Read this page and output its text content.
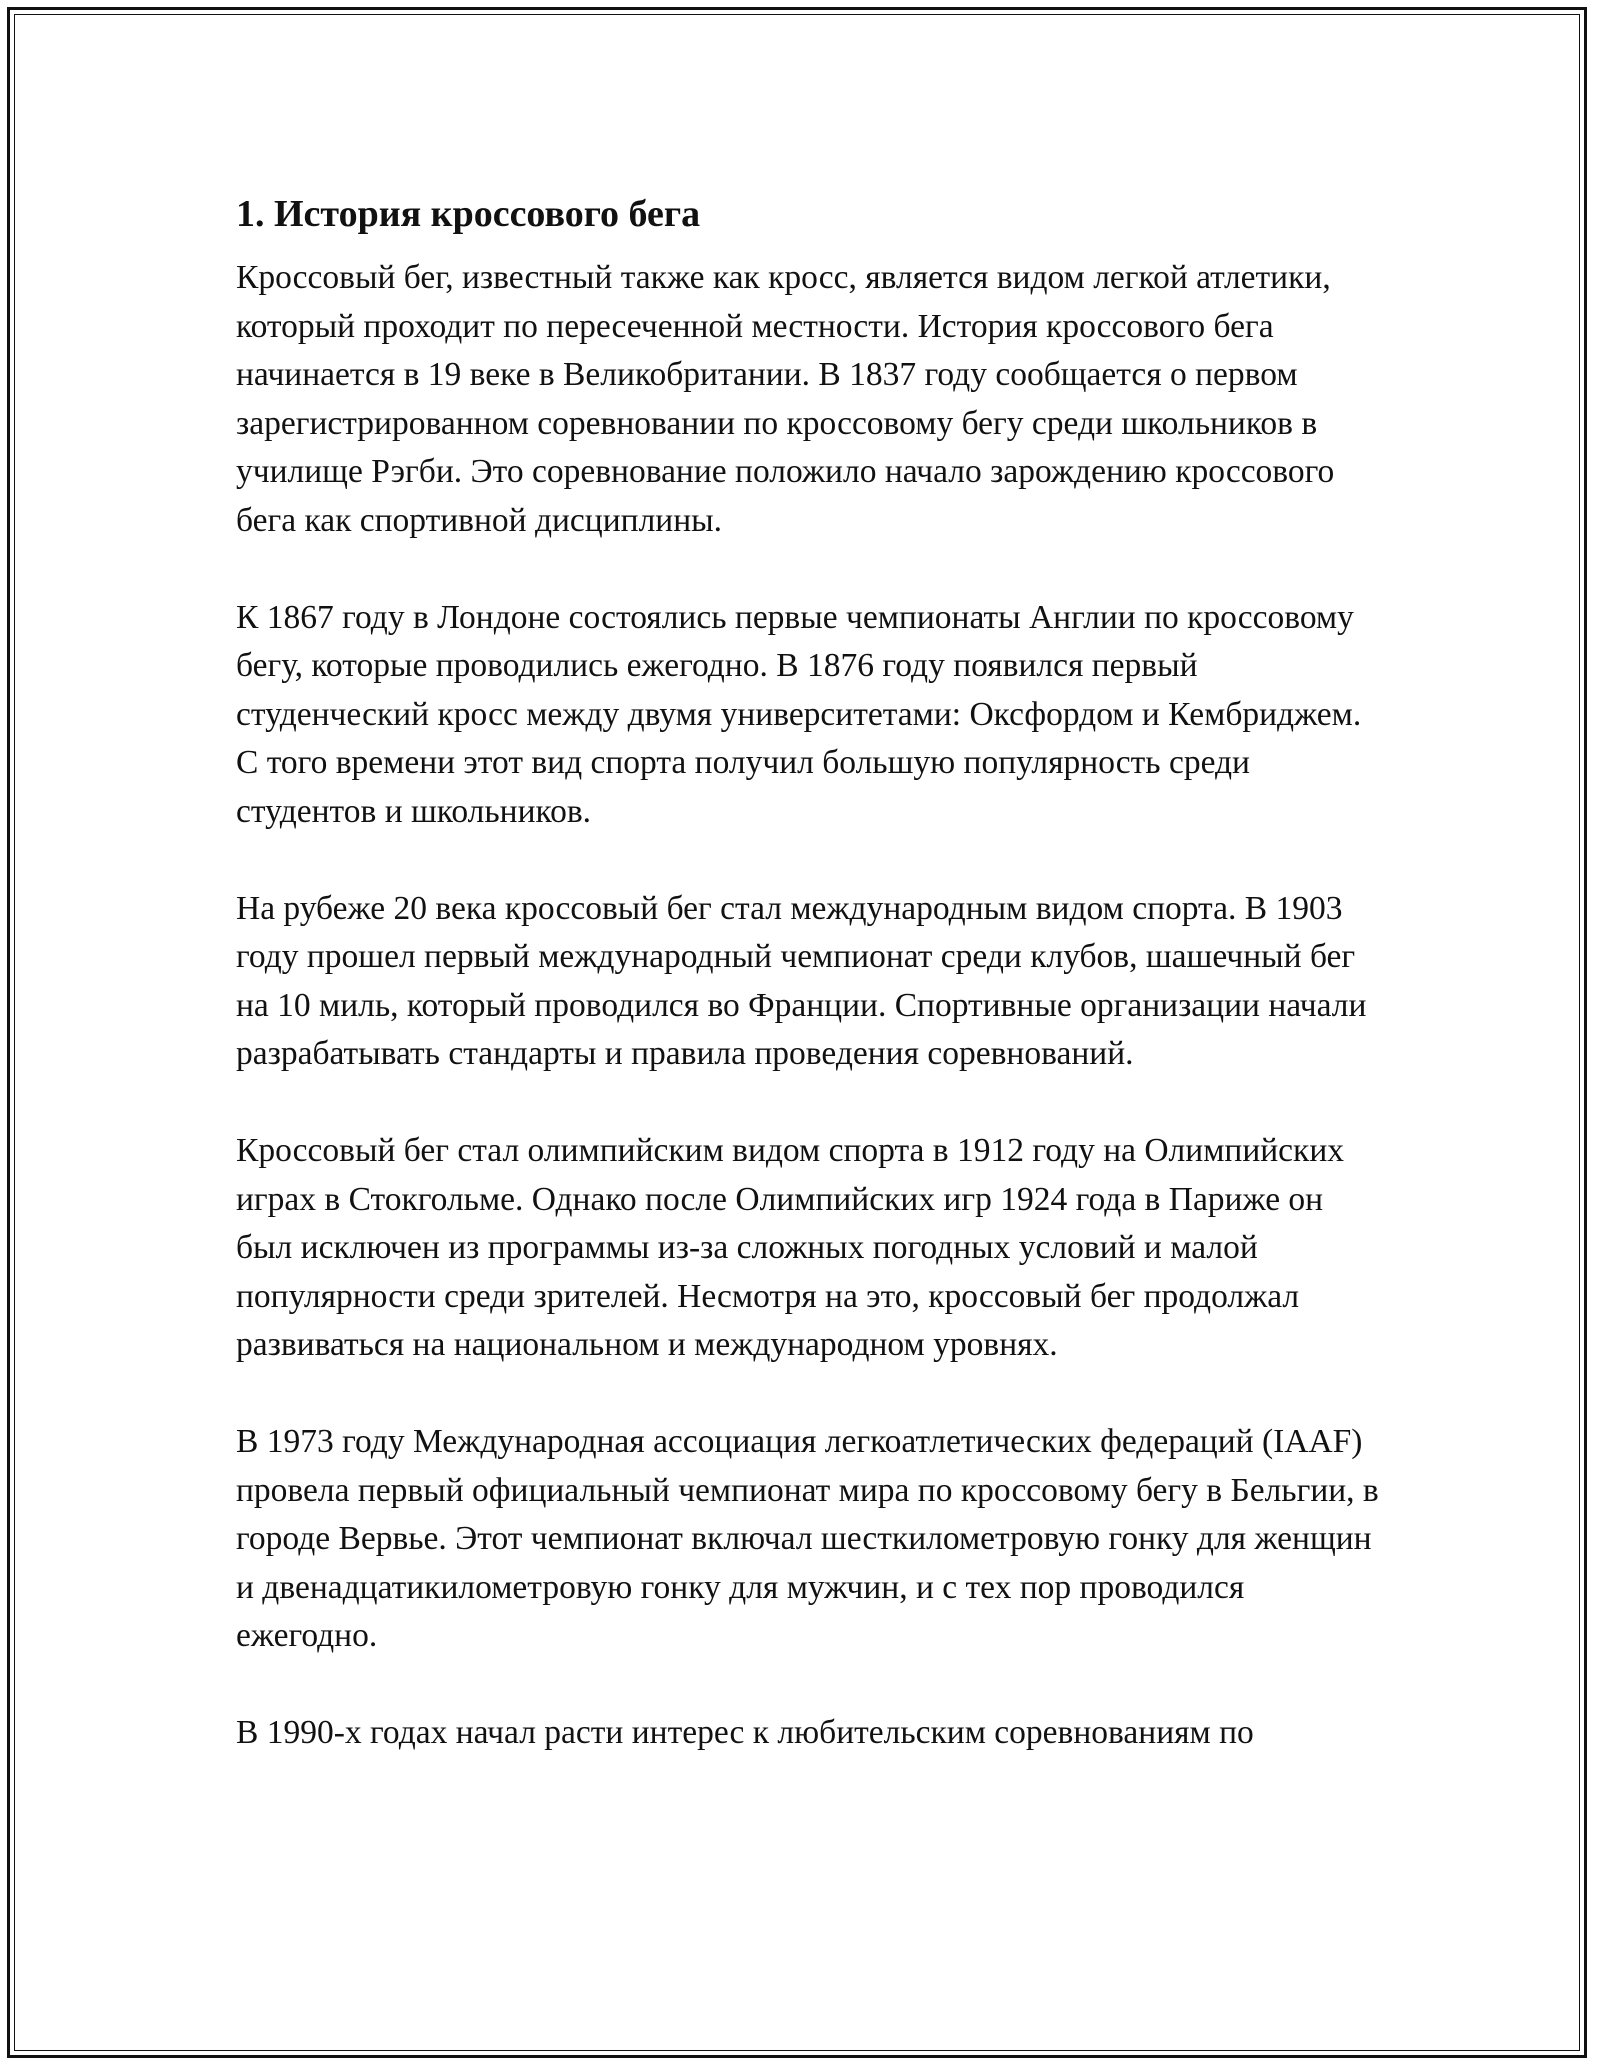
1. История кроссового бега

Кроссовый бег, известный также как кросс, является видом легкой атлетики, который проходит по пересеченной местности. История кроссового бега начинается в 19 веке в Великобритании. В 1837 году сообщается о первом зарегистрированном соревновании по кроссовому бегу среди школьников в училище Рэгби. Это соревнование положило начало зарождению кроссового бега как спортивной дисциплины.

К 1867 году в Лондоне состоялись первые чемпионаты Англии по кроссовому бегу, которые проводились ежегодно. В 1876 году появился первый студенческий кросс между двумя университетами: Оксфордом и Кембриджем. С того времени этот вид спорта получил большую популярность среди студентов и школьников.

На рубеже 20 века кроссовый бег стал международным видом спорта. В 1903 году прошел первый международный чемпионат среди клубов, шашечный бег на 10 миль, который проводился во Франции. Спортивные организации начали разрабатывать стандарты и правила проведения соревнований.

Кроссовый бег стал олимпийским видом спорта в 1912 году на Олимпийских играх в Стокгольме. Однако после Олимпийских игр 1924 года в Париже он был исключен из программы из-за сложных погодных условий и малой популярности среди зрителей. Несмотря на это, кроссовый бег продолжал развиваться на национальном и международном уровнях.

В 1973 году Международная ассоциация легкоатлетических федераций (IAAF) провела первый официальный чемпионат мира по кроссовому бегу в Бельгии, в городе Вервье. Этот чемпионат включал шесткилометровую гонку для женщин и двенадцатикилометровую гонку для мужчин, и с тех пор проводился ежегодно.

В 1990-х годах начал расти интерес к любительским соревнованиям по
